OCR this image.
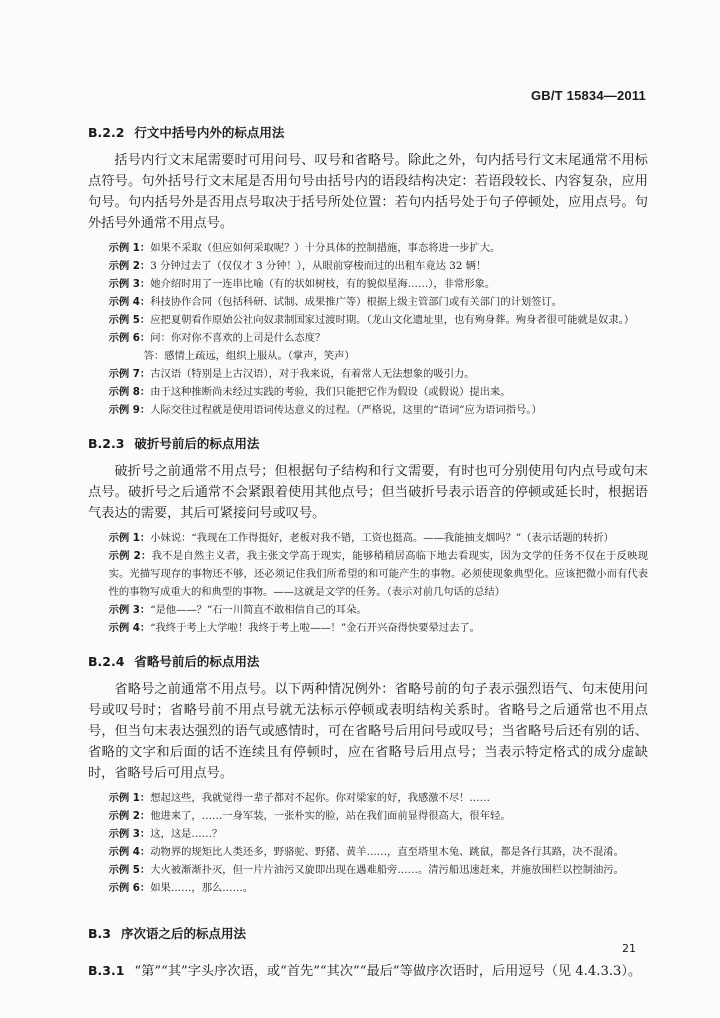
GB/T 15834—2011
B.2.2 行文中括号内外的标点用法

括号内行文末尾需要时可用问号、叹号和省略号。除此之外，句内括号行文末尾通常不用标点符号。句外括号行文末尾是否用句号由括号内的语段结构决定：若语段较长、内容复杂，应用句号。句内括号外是否用点号取决于括号所处位置：若句内括号处于句子停顿处，应用点号。句外括号外通常不用点号。

示例 1：如果不采取（但应如何采取呢？）十分具体的控制措施，事态将进一步扩大。

示例 2：3 分钟过去了（仅仅才 3 分钟！），从眼前穿梭而过的出租车竟达 32 辆！

示例 3：她介绍时用了一连串比喻（有的状如树枝，有的貌似星海……），非常形象。

示例 4：科技协作合同（包括科研、试制、成果推广等）根据上级主管部门或有关部门的计划签订。

示例 5：应把夏朝看作原始公社向奴隶制国家过渡时期。（龙山文化遗址里，也有殉身葬。殉身者很可能就是奴隶。）

示例 6：问：你对你不喜欢的上司是什么态度？
答：感情上疏远，组织上服从。（掌声，笑声）

示例 7：古汉语（特别是上古汉语），对于我来说，有着常人无法想象的吸引力。

示例 8：由于这种推断尚未经过实践的考验，我们只能把它作为假设（或假说）提出来。

示例 9：人际交往过程就是使用语词传达意义的过程。（严格说，这里的“语词”应为语词指号。）

B.2.3 破折号前后的标点用法

破折号之前通常不用点号；但根据句子结构和行文需要，有时也可分别使用句内点号或句末点号。破折号之后通常不会紧跟着使用其他点号；但当破折号表示语音的停顿或延长时，根据语气表达的需要，其后可紧接问号或叹号。

示例 1：小妹说：“我现在工作得挺好，老板对我不错，工资也挺高。——我能抽支烟吗？”（表示话题的转折）

示例 2：我不是自然主义者，我主张文学高于现实，能够稍稍居高临下地去看现实，因为文学的任务不仅在于反映现实。光描写现存的事物还不够，还必须记住我们所希望的和可能产生的事物。必须使现象典型化。应该把微小而有代表性的事物写成重大的和典型的事物。——这就是文学的任务。（表示对前几句话的总结）

示例 3：“是他——？”石一川简直不敢相信自己的耳朵。

示例 4：“我终于考上大学啦！我终于考上啦——！”金石开兴奋得快要晕过去了。

B.2.4 省略号前后的标点用法

省略号之前通常不用点号。以下两种情况例外：省略号前的句子表示强烈语气、句末使用问号或叹号时；省略号前不用点号就无法标示停顿或表明结构关系时。省略号之后通常也不用点号，但当句末表达强烈的语气或感情时，可在省略号后用问号或叹号；当省略号后还有别的话、省略的文字和后面的话不连续且有停顿时，应在省略号后用点号；当表示特定格式的成分虚缺时，省略号后可用点号。

示例 1：想起这些，我就觉得一辈子都对不起你。你对梁家的好，我感激不尽！……

示例 2：他进来了，……一身军装，一张朴实的脸，站在我们面前显得很高大，很年轻。

示例 3：这，这是……？

示例 4：动物界的规矩比人类还多，野骆驼、野猪、黄羊……，直至塔里木兔、跳鼠，都是各行其路，决不混淆。

示例 5：大火被渐渐扑灭，但一片片油污又旋即出现在遇难船旁……。清污船迅速赶来，并施放围栏以控制油污。

示例 6：如果……，那么……。

B.3 序次语之后的标点用法

B.3.1 “第”“其”字头序次语，或“首先”“其次”“最后”等做序次语时，后用逗号（见 4.4.3.3）。

21
